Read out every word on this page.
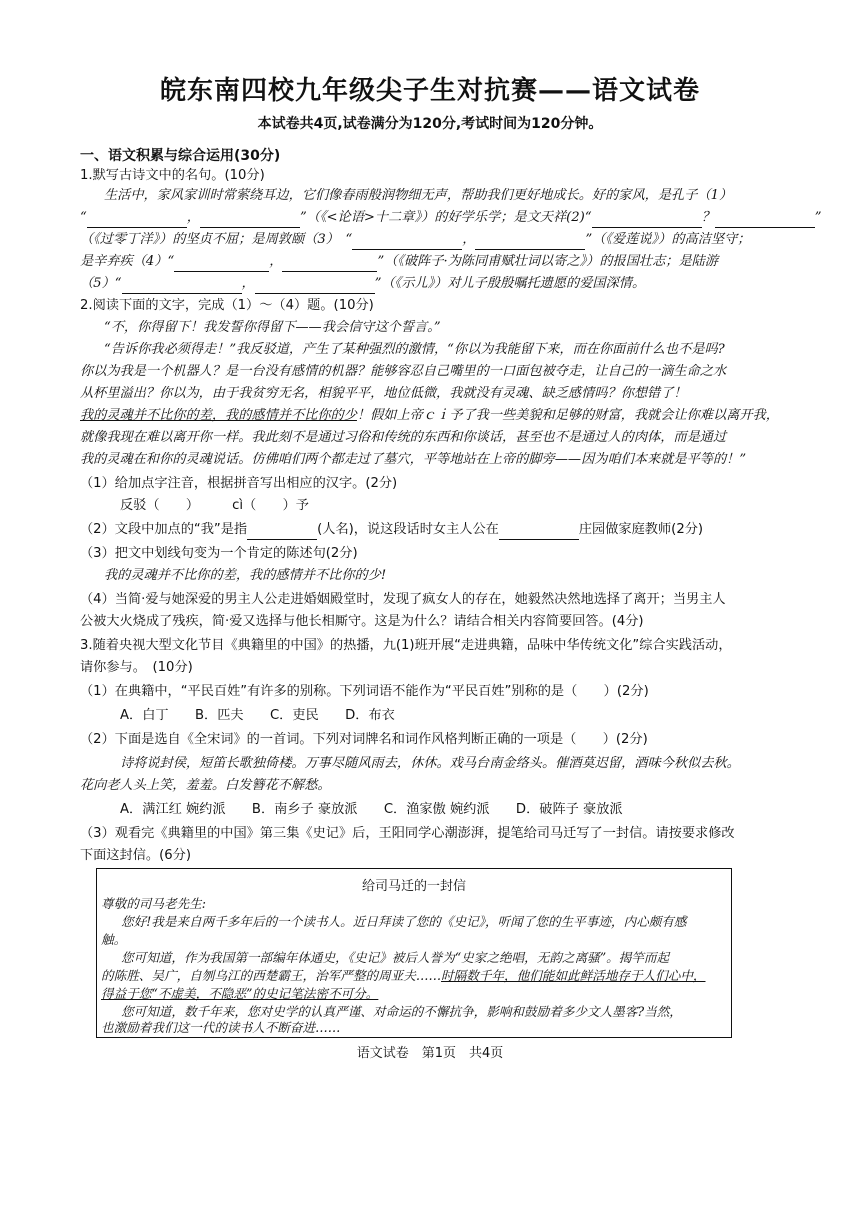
皖东南四校九年级尖子生对抗赛——语文试卷
本试卷共4页,试卷满分为120分,考试时间为120分钟。
一、语文积累与综合运用(30分)
1.默写古诗文中的名句。(10分)
生活中，家风家训时常萦绕耳边，它们像春雨般润物细无声，帮助我们更好地成长。好的家风，是孔子（1）
“	，	”（《<论语>十二章》）的好学乐学；是文天祥(2)“	？	”
（《过零丁洋》）的坚贞不屈；是周敦颐（3）　“	，	”（《爱莲说》）的高洁坚守；
是辛弃疾（4）“	，	”（《破阵子·为陈同甫赋壮词以寄之》）的报国壮志；是陆游
（5）“	，	”（《示儿》）对儿子殷殷嘱托遗愿的爱国深情。
2.阅读下面的文字，完成（1）～（4）题。(10分)
“不，你得留下！我发誓你得留下——我会信守这个誓言。”
“告诉你我必须得走！”我反驳道，产生了某种强烈的激情，“你以为我能留下来，而在你面前什么也不是吗?
你以为我是一个机器人？是一台没有感情的机器？能够容忍自己嘴里的一口面包被夺走，让自己的一滴生命之水
从杯里溢出？你以为，由于我贫穷无名，相貌平平，地位低微，我就没有灵魂、缺乏感情吗？你想错了！
我的灵魂并不比你的差，我的感情并不比你的少！假如上帝ｃｉ予了我一些美貌和足够的财富，我就会让你难以离开我，
就像我现在难以离开你一样。我此刻不是通过习俗和传统的东西和你谈话，甚至也不是通过人的肉体，而是通过
我的灵魂在和你的灵魂说话。仿佛咱们两个都走过了墓穴，平等地站在上帝的脚旁——因为咱们本来就是平等的！”
（1）给加点字注音，根据拼音写出相应的汉字。(2分)
反驳（　　）　　　	cì（　　）予
（2）文段中加点的“我”是指	(人名)，说这段话时女主人公在	庄园做家庭教师(2分)
（3）把文中划线句变为一个肯定的陈述句(2分)
我的灵魂并不比你的差，我的感情并不比你的少!
（4）当简·爱与她深爱的男主人公走进婚姻殿堂时，发现了疯女人的存在，她毅然决然地选择了离开；当男主人
公被大火烧成了残疾，简·爱又选择与他长相厮守。这是为什么？请结合相关内容简要回答。(4分)
3.随着央视大型文化节目《典籍里的中国》的热播，九(1)班开展“走进典籍，品味中华传统文化”综合实践活动，
请你参与。　(10分)
（1）在典籍中，“平民百姓”有许多的别称。下列词语不能作为“平民百姓”别称的是（　　）(2分)
A．白丁　　B．匹夫　　C．吏民　　D．布衣
（2）下面是选自《全宋词》的一首词。下列对词牌名和词作风格判断正确的一项是（　　）(2分)
诗将说封侯，短笛长歌独倚楼。万事尽随风雨去，休休。戏马台南金络头。催酒莫迟留，酒味今秋似去秋。
花向老人头上笑，羞羞。白发簪花不解愁。
A．满江红 婉约派　　B．南乡子 豪放派　　C．渔家傲 婉约派　　D．破阵子 豪放派
（3）观看完《典籍里的中国》第三集《史记》后，王阳同学心潮澎湃，提笔给司马迁写了一封信。请按要求修改
下面这封信。(6分)
给司马迁的一封信
尊敬的司马老先生:
您好!我是来自两千多年后的一个读书人。近日拜读了您的《史记》，听闻了您的生平事迹，内心颇有感
触。
您可知道，作为我国第一部编年体通史，《史记》被后人誉为“史家之绝唱，无韵之离骚”。揭竿而起
的陈胜、吴广，自刎乌江的西楚霸王，治军严整的周亚夫……时隔数千年，他们能如此鲜活地存于人们心中，
得益于您“不虚美，不隐恶”的史记笔法密不可分。
您可知道，数千年来，您对史学的认真严谨、对命运的不懈抗争，影响和鼓励着多少文人墨客?当然，
也激励着我们这一代的读书人不断奋进……
语文试卷　第1页　共4页
